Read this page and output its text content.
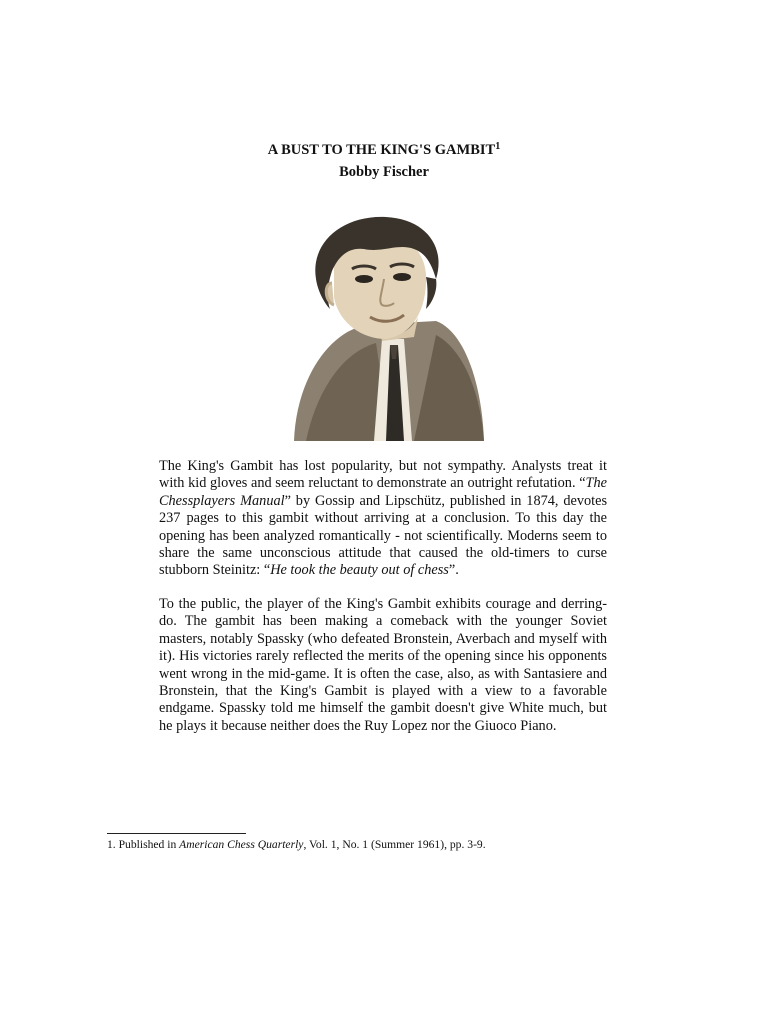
A BUST TO THE KING'S GAMBIT$^1$
Bobby Fischer

The King's Gambit has lost popularity, but not sympathy. Analysts treat it with kid gloves and seem reluctant to demonstrate an outright refutation. “The Chessplayers Manual” by Gossip and Lipschütz, published in 1874, devotes 237 pages to this gambit without arriving at a conclusion. To this day the opening has been analyzed romantically - not scientifically. Moderns seem to share the same unconscious attitude that caused the old-timers to curse stubborn Steinitz: “He took the beauty out of chess”.

To the public, the player of the King's Gambit exhibits courage and derring-do. The gambit has been making a comeback with the younger Soviet masters, notably Spassky (who defeated Bronstein, Averbach and myself with it). His victories rarely reflected the merits of the opening since his opponents went wrong in the mid-game. It is often the case, also, as with Santasiere and Bronstein, that the King's Gambit is played with a view to a favorable endgame. Spassky told me himself the gambit doesn't give White much, but he plays it because neither does the Ruy Lopez nor the Giuoco Piano.

1. Published in American Chess Quarterly, Vol. 1, No. 1 (Summer 1961), pp. 3-9.
